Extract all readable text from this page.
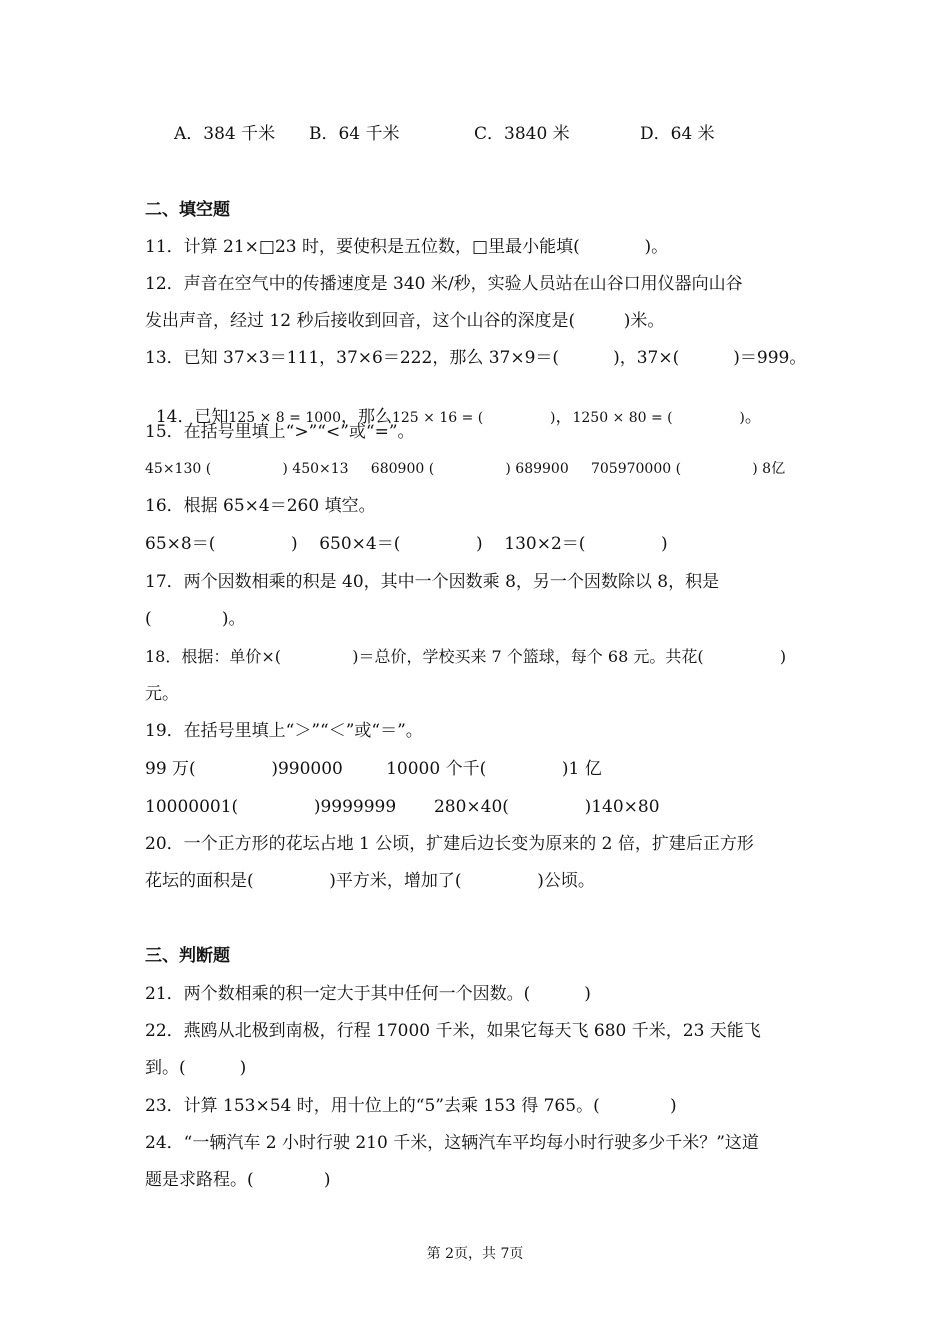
A．384 千米 B．64 千米	C．3840 米	D．64 米
二、填空题
11．计算 21×□23 时，要使积是五位数，□里最小能填(            )。
12．声音在空气中的传播速度是 340 米/秒，实验人员站在山谷口用仪器向山谷
发出声音，经过 12 秒后接收到回音，这个山谷的深度是(         )米。
13．已知 37×3＝111，37×6＝222，那么 37×9＝(          )，37×(          )＝999。

14．已知125 × 8 = 1000，那么125 × 16 = (               )，1250 × 80 = (               )。

15．在括号里填上“>”“<”或“=”。
45×130 (                ) 450×13     680900 (                ) 689900     705970000 (                ) 8亿
16．根据 65×4＝260 填空。
65×8＝(              )    650×4＝(              )    130×2＝(              )
17．两个因数相乘的积是 40，其中一个因数乘 8，另一个因数除以 8，积是
(             )。
18．根据：单价×(              )＝总价，学校买来 7 个篮球，每个 68 元。共花(               )
元。
19．在括号里填上“＞”“＜”或“＝”。
99 万(              )990000        10000 个千(              )1 亿
10000001(              )9999999       280×40(              )140×80
20．一个正方形的花坛占地 1 公顷，扩建后边长变为原来的 2 倍，扩建后正方形
花坛的面积是(              )平方米，增加了(              )公顷。
三、判断题
21．两个数相乘的积一定大于其中任何一个因数。(          )
22．燕鸥从北极到南极，行程 17000 千米，如果它每天飞 680 千米，23 天能飞
到。(          )
23．计算 153×54 时，用十位上的“5”去乘 153 得 765。(             )
24．“一辆汽车 2 小时行驶 210 千米，这辆汽车平均每小时行驶多少千米？”这道
题是求路程。(             )
第 2页，共 7页
